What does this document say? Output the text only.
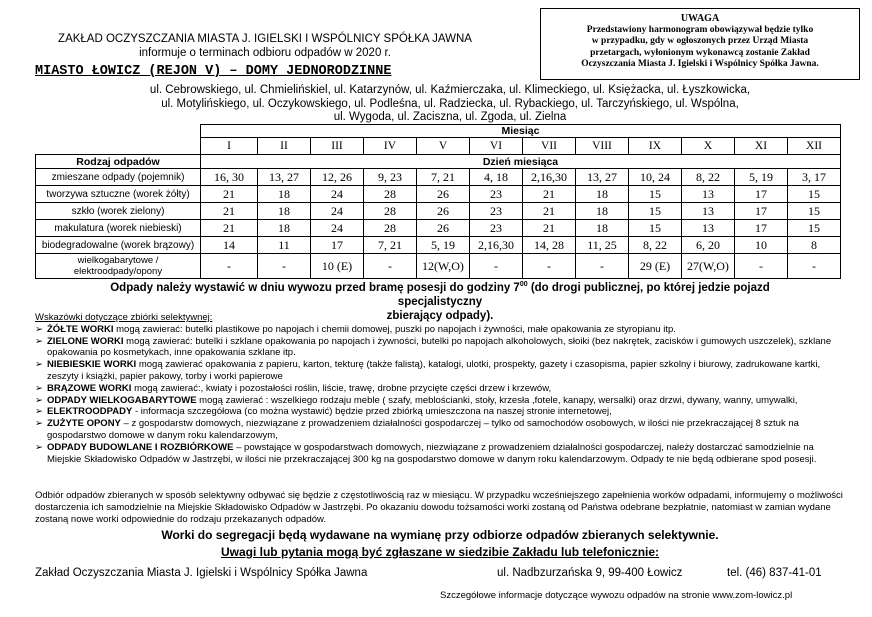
ZAKŁAD OCZYSZCZANIA MIASTA J. IGIELSKI I WSPÓLNICY SPÓŁKA JAWNA
informuje o terminach odbioru odpadów w 2020 r.
UWAGA
Przedstawiony harmonogram obowiązywał będzie tylko
w przypadku, gdy w ogłoszonych przez Urząd Miasta
przetargach, wyłonionym wykonawcą zostanie Zakład
Oczyszczania Miasta J. Igielski i Wspólnicy Spółka Jawna.
MIASTO ŁOWICZ (REJON V) – DOMY JEDNORODZINNE
ul. Cebrowskiego, ul. Chmielińskiel, ul. Katarzynów, ul. Kaźmierczaka, ul. Klimeckiego, ul. Księżacka, ul. Łyszkowicka,
ul. Motylińskiego, ul. Oczykowskiego, ul. Podleśna, ul. Radziecka, ul. Rybackiego, ul. Tarczyńskiego, ul. Wspólna,
ul. Wygoda, ul. Zaciszna, ul. Zgoda, ul. Zielna
	Miesiąc											
	I	II	III	IV	V	VI	VII	VIII	IX	X	XI	XII
Rodzaj odpadów	Dzień miesiąca											
zmieszane odpady (pojemnik)	16, 30	13, 27	12, 26	9, 23	7, 21	4, 18	2,16,30	13, 27	10, 24	8, 22	5, 19	3, 17
tworzywa sztuczne (worek żółty)	21	18	24	28	26	23	21	18	15	13	17	15
szkło (worek zielony)	21	18	24	28	26	23	21	18	15	13	17	15
makulatura (worek niebieski)	21	18	24	28	26	23	21	18	15	13	17	15
biodegradowalne (worek brązowy)	14	11	17	7, 21	5, 19	2,16,30	14, 28	11, 25	8, 22	6, 20	10	8
wielkogabarytowe / elektroodpady/opony	-	-	10 (E)	-	12(W,O)	-	-	-	29 (E)	27(W,O)	-	-
Odpady należy wystawić w dniu wywozu przed bramę posesji do godziny $7^{00}$ (do drogi publicznej, po której jedzie pojazd specjalistyczny
zbierający odpady).
Wskazówki dotyczące zbiórki selektywnej:
➢ ŻÓŁTE WORKI mogą zawierać: butelki plastikowe po napojach i chemii domowej, puszki po napojach i żywności, małe opakowania ze styropianu itp.
➢ ZIELONE WORKI mogą zawierać: butelki i szklane opakowania po napojach i żywności, butelki po napojach alkoholowych, słoiki (bez nakrętek, zacisków i gumowych uszczelek), szklane opakowania po kosmetykach, inne opakowania szklane itp.
➢ NIEBIESKIE WORKI mogą zawierać opakowania z papieru, karton, tekturę (także falistą), katalogi, ulotki, prospekty, gazety i czasopisma, papier szkolny i biurowy, zadrukowane kartki, zeszyty i książki, papier pakowy, torby i worki papierowe
➢ BRĄZOWE WORKI mogą zawierać:, kwiaty i pozostałości roślin, liście, trawę, drobne przycięte części drzew i krzewów,
➢ ODPADY WIELKOGABARYTOWE mogą zawierać : wszelkiego rodzaju meble ( szafy, meblościanki, stoły, krzesła ,fotele, kanapy, wersalki) oraz drzwi, dywany, wanny, umywalki,
➢ ELEKTROODPADY - informacja szczegółowa (co można wystawić) będzie przed zbiórką umieszczona na naszej stronie internetowej,
➢ ZUŻYTE OPONY – z gospodarstw domowych, niezwiązane z prowadzeniem działalności gospodarczej – tylko od samochodów osobowych, w ilości nie przekraczającej 8 sztuk na gospodarstwo domowe w danym roku kalendarzowym,
➢ ODPADY BUDOWLANE I ROZBIÓRKOWE – powstające w gospodarstwach domowych, niezwiązane z prowadzeniem działalności gospodarczej, należy dostarczać samodzielnie na Miejskie Składowisko Odpadów w Jastrzębi, w ilości nie przekraczającej 300 kg na gospodarstwo domowe w danym roku kalendarzowym. Odpady te nie będą odbierane spod posesji.
Odbiór odpadów zbieranych w sposób selektywny odbywać się będzie z częstotliwością raz w miesiącu. W przypadku wcześniejszego zapełnienia worków odpadami, informujemy o możliwości dostarczenia ich samodzielnie na Miejskie Składowisko Odpadów w Jastrzębi. Po okazaniu dowodu tożsamości worki zostaną od Państwa odebrane bezpłatnie, natomiast w zamian wydane zostaną nowe worki odpowiednie do rodzaju przekazanych odpadów.
Worki do segregacji będą wydawane na wymianę przy odbiorze odpadów zbieranych selektywnie.
Uwagi lub pytania mogą być zgłaszane w siedzibie Zakładu lub telefonicznie:
Zakład Oczyszczania Miasta J. Igielski i Wspólnicy Spółka Jawna	ul. Nadbzurzańska 9, 99-400 Łowicz	tel. (46) 837-41-01
Szczegółowe informacje dotyczące wywozu odpadów na stronie www.zom-lowicz.pl
